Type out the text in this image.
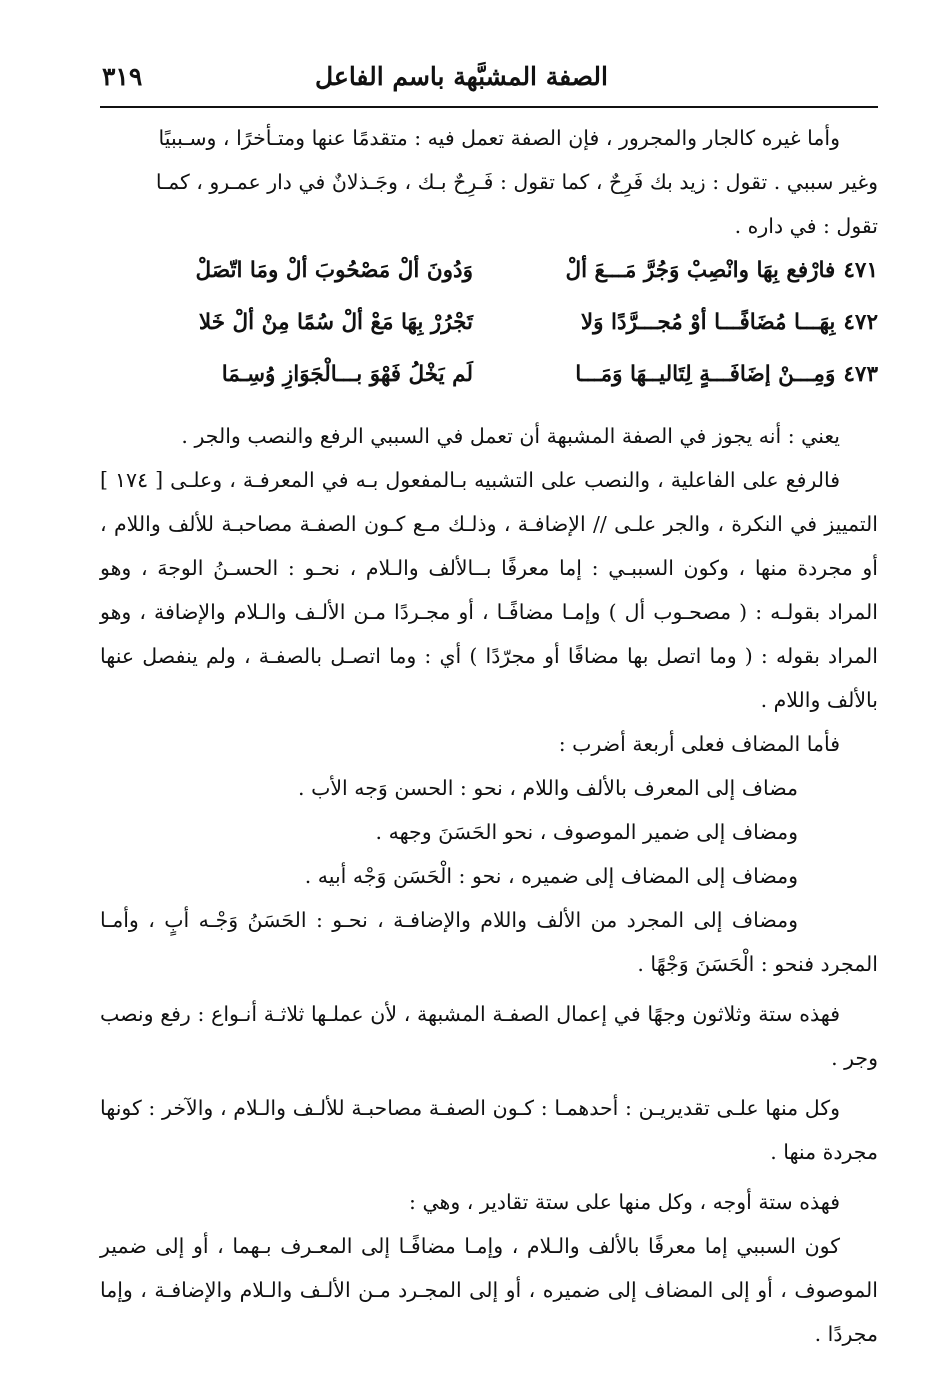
الصفة المشبَّهة باسم الفاعل
٣١٩

وأما غيره كالجار والمجرور ، فإن الصفة تعمل فيه : متقدمًا عنها ومتـأخرًا ، وسـببيًا

وغير سببي . تقول : زيد بك فَرِحٌ ، كما تقول : فَـرِحٌ بـك ، وجَـذلانٌ في دار عمـرو ، كمـا

تقول : في داره .

٤٧١فارْفع بِهَا وانْصِبْ وَجُرَّ مَـــعَ ألْ
وَدُونَ ألْ مَصْحُوبَ ألْ ومَا اتّصَلْ
٤٧٢بِهَـــا مُضَافًـــا أوْ مُجـــرَّدًا وَلا
تَجْرُرْ بِهَا مَعْ ألْ سُمًا مِنْ ألْ خَلا
٤٧٣وَمِـــنْ إضَافَـــةٍ لِتَاليــهَا وَمَـــا
لَم يَخْلُ فَهْوَ بـــالْجَوَازِ وُسِـمَا

يعني : أنه يجوز في الصفة المشبهة أن تعمل في السببي الرفع والنصب والجر .

فالرفع على الفاعلية ، والنصب على التشبيه بـالمفعول بـه في المعرفـة ، وعلـى [ ١٧٤ ] التمييز في النكرة ، والجر علـى // الإضافـة ، وذلـك مـع كـون الصفـة مصاحبـة للألف واللام ، أو مجردة منها ، وكون السببـي : إما معرفًا بــالألف والـلام ، نحـو : الحسـنُ الوجهَ ، وهو المراد بقولـه : ( مصحـوب أل ) وإمـا مضافًـا ، أو مجـردًا مـن الألـف والـلام والإضافة ، وهو المراد بقوله : ( وما اتصل بها مضافًا أو مجرّدًا ) أي : وما اتصـل بالصفـة ، ولم ينفصل عنها بالألف واللام .

فأما المضاف فعلى أربعة أضرب :

مضاف إلى المعرف بالألف واللام ، نحو : الحسن وَجه الأب .

ومضاف إلى ضمير الموصوف ، نحو الحَسَنَ وجهه .

ومضاف إلى المضاف إلى ضميره ، نحو : الْحَسَن وَجْه أبيه .

ومضاف إلى المجرد من الألف واللام والإضافـة ، نحـو : الحَسَنُ وَجْـه أبٍ ، وأمـا المجرد فنحو : الْحَسَنَ وَجْهًا .

فهذه ستة وثلاثون وجهًا في إعمال الصفـة المشبهة ، لأن عملـها ثلاثـة أنـواع : رفع ونصب وجر .

وكل منها علـى تقديريـن : أحدهمـا : كـون الصفـة مصاحبـة للألـف والـلام ، والآخر : كونها مجردة منها .

فهذه ستة أوجه ، وكل منها على ستة تقادير ، وهي :

كون السببي إما معرفًا بالألف والـلام ، وإمـا مضافًـا إلى المعـرف بـهما ، أو إلى ضمير الموصوف ، أو إلى المضاف إلى ضميره ، أو إلى المجـرد مـن الألـف والـلام والإضافـة ، وإما مجردًا .
